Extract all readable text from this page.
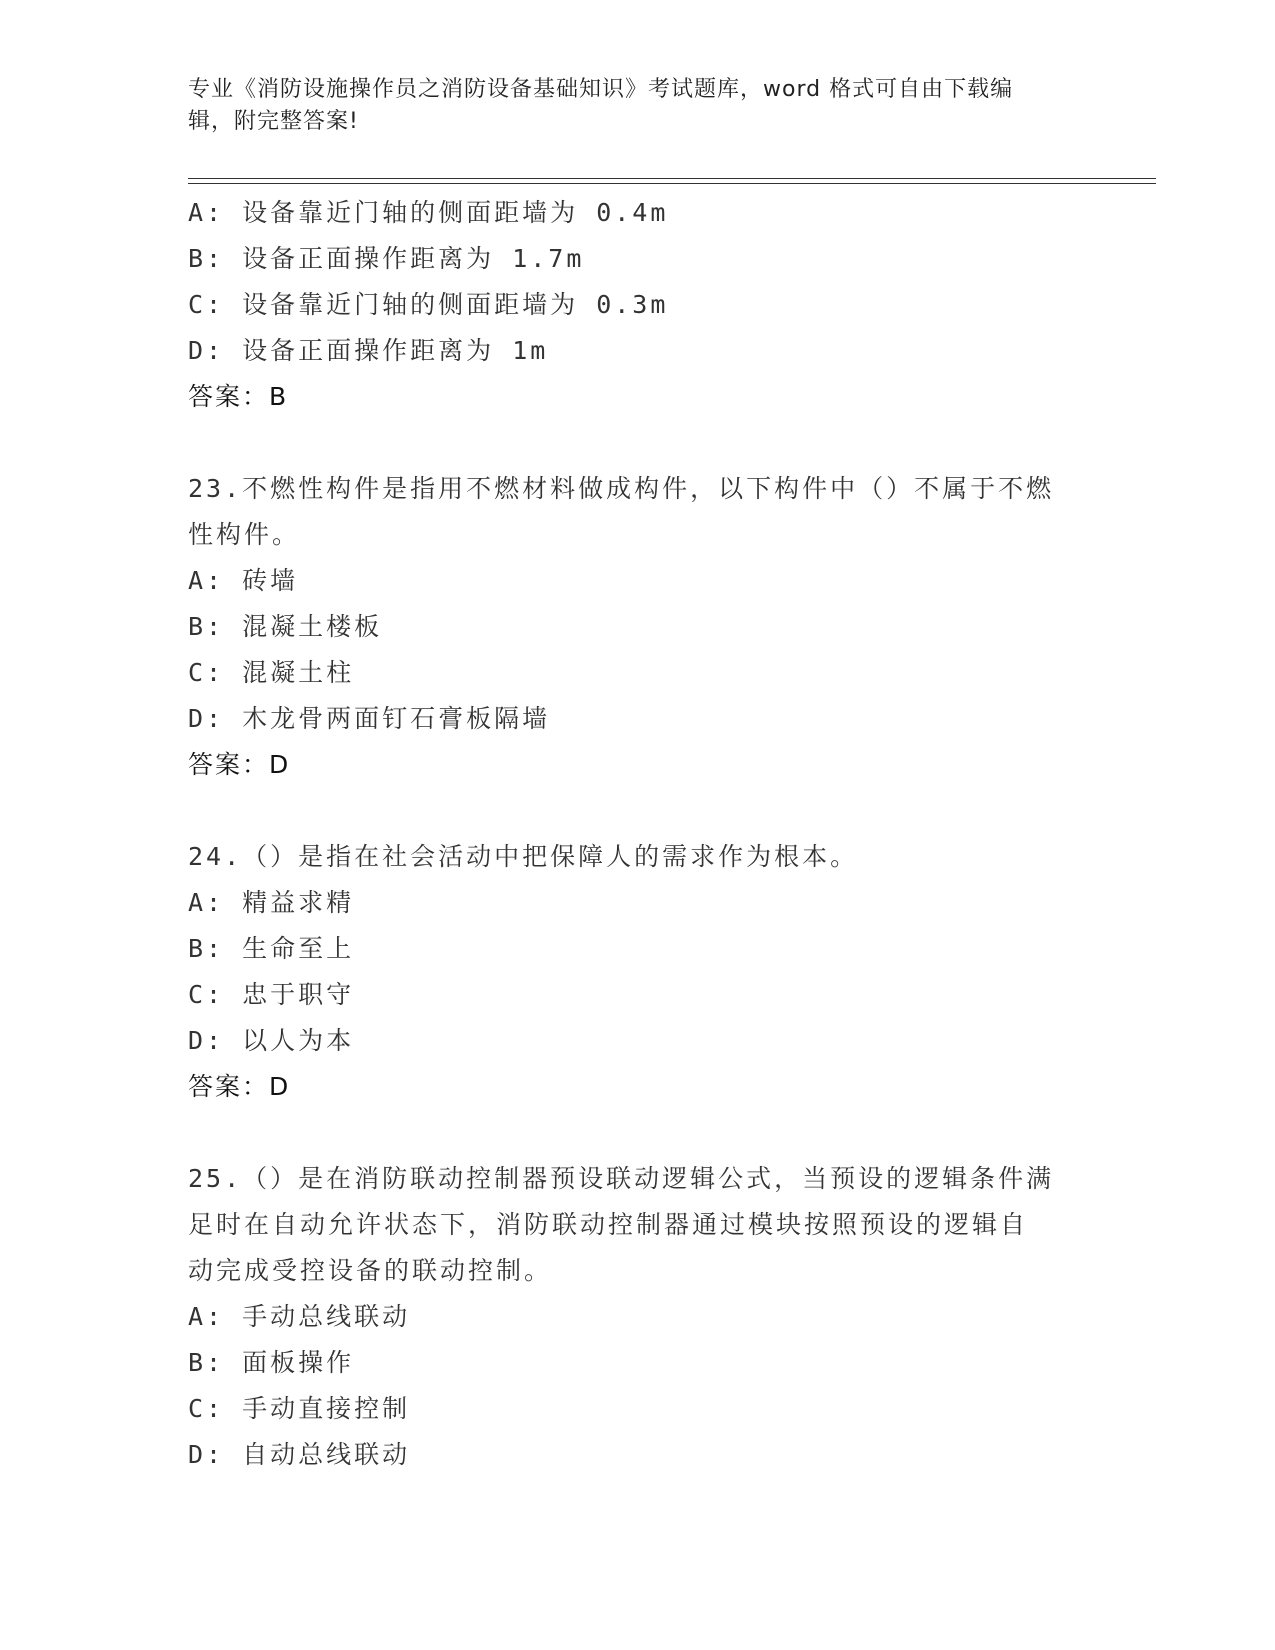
专业《消防设施操作员之消防设备基础知识》考试题库，word 格式可自由下载编
辑，附完整答案!
A: 设备靠近门轴的侧面距墙为 0.4m
B: 设备正面操作距离为 1.7m
C: 设备靠近门轴的侧面距墙为 0.3m
D: 设备正面操作距离为 1m
答案：B
23.不燃性构件是指用不燃材料做成构件，以下构件中（）不属于不燃
性构件。
A: 砖墙
B: 混凝土楼板
C: 混凝土柱
D: 木龙骨两面钉石膏板隔墙
答案：D
24.（）是指在社会活动中把保障人的需求作为根本。
A: 精益求精
B: 生命至上
C: 忠于职守
D: 以人为本
答案：D
25.（）是在消防联动控制器预设联动逻辑公式，当预设的逻辑条件满
足时在自动允许状态下，消防联动控制器通过模块按照预设的逻辑自
动完成受控设备的联动控制。
A: 手动总线联动
B: 面板操作
C: 手动直接控制
D: 自动总线联动
